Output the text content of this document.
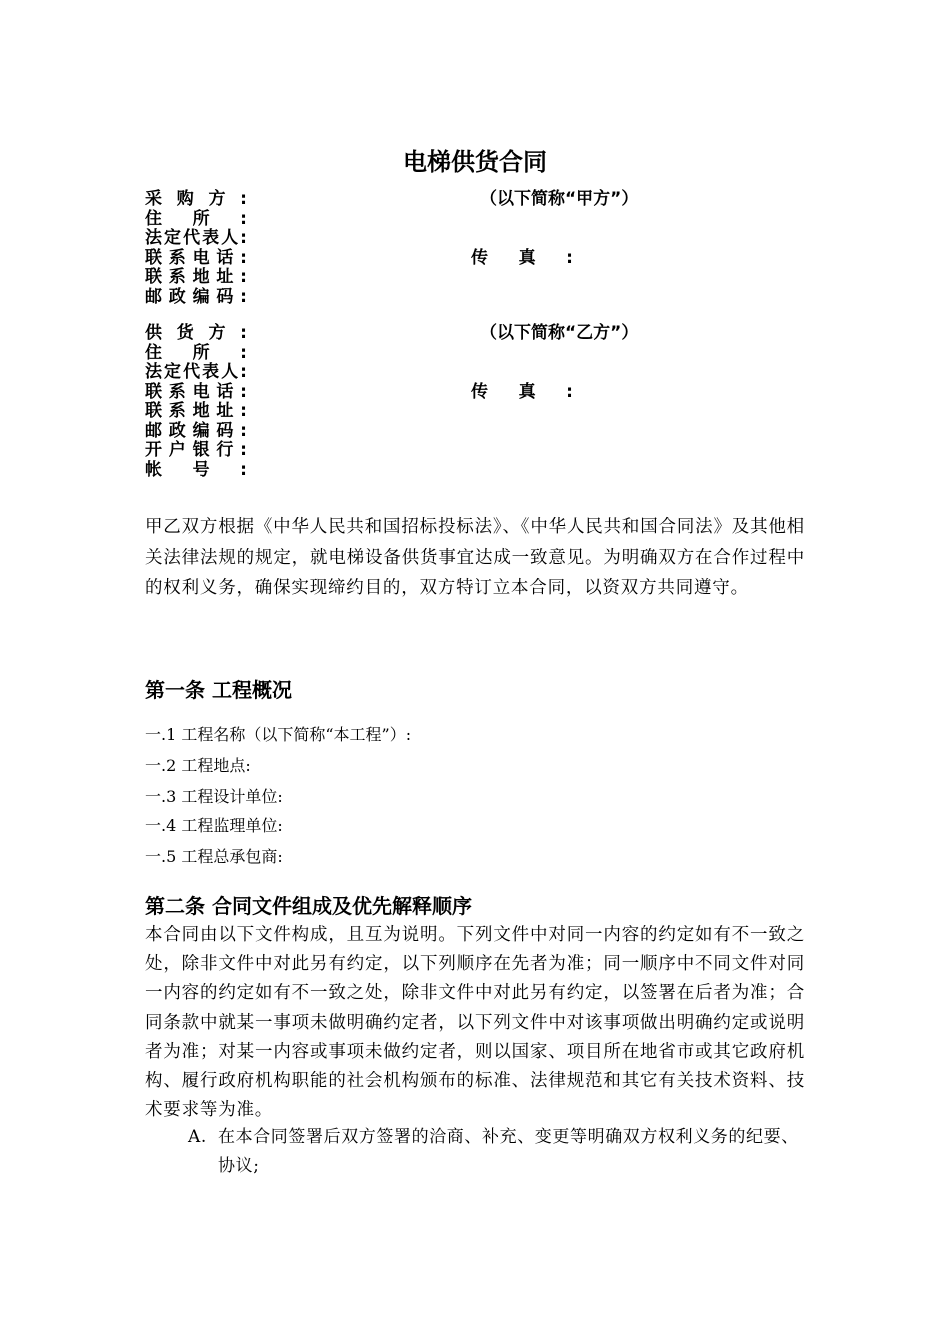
电梯供货合同
采购方:	（以下简称“甲方”）
住所:
法定代表人:
联系电话:	传真:
联系地址:
邮政编码:
供货方:	（以下简称“乙方”）
住所:
法定代表人:
联系电话:	传真:
联系地址:
邮政编码:
开户银行:
帐号:
甲乙双方根据《中华人民共和国招标投标法》、《中华人民共和国合同法》及其他相关法律法规的规定，就电梯设备供货事宜达成一致意见。为明确双方在合作过程中的权利义务，确保实现缔约目的，双方特订立本合同，以资双方共同遵守。
第一条 工程概况
一.1 工程名称（以下简称“本工程”）:
一.2 工程地点:
一.3 工程设计单位:
一.4 工程监理单位:
一.5 工程总承包商:
第二条 合同文件组成及优先解释顺序
本合同由以下文件构成，且互为说明。下列文件中对同一内容的约定如有不一致之处，除非文件中对此另有约定，以下列顺序在先者为准；同一顺序中不同文件对同一内容的约定如有不一致之处，除非文件中对此另有约定，以签署在后者为准；合同条款中就某一事项未做明确约定者，以下列文件中对该事项做出明确约定或说明者为准；对某一内容或事项未做约定者，则以国家、项目所在地省市或其它政府机构、履行政府机构职能的社会机构颁布的标准、法律规范和其它有关技术资料、技术要求等为准。
A. 在本合同签署后双方签署的洽商、补充、变更等明确双方权利义务的纪要、协议;
